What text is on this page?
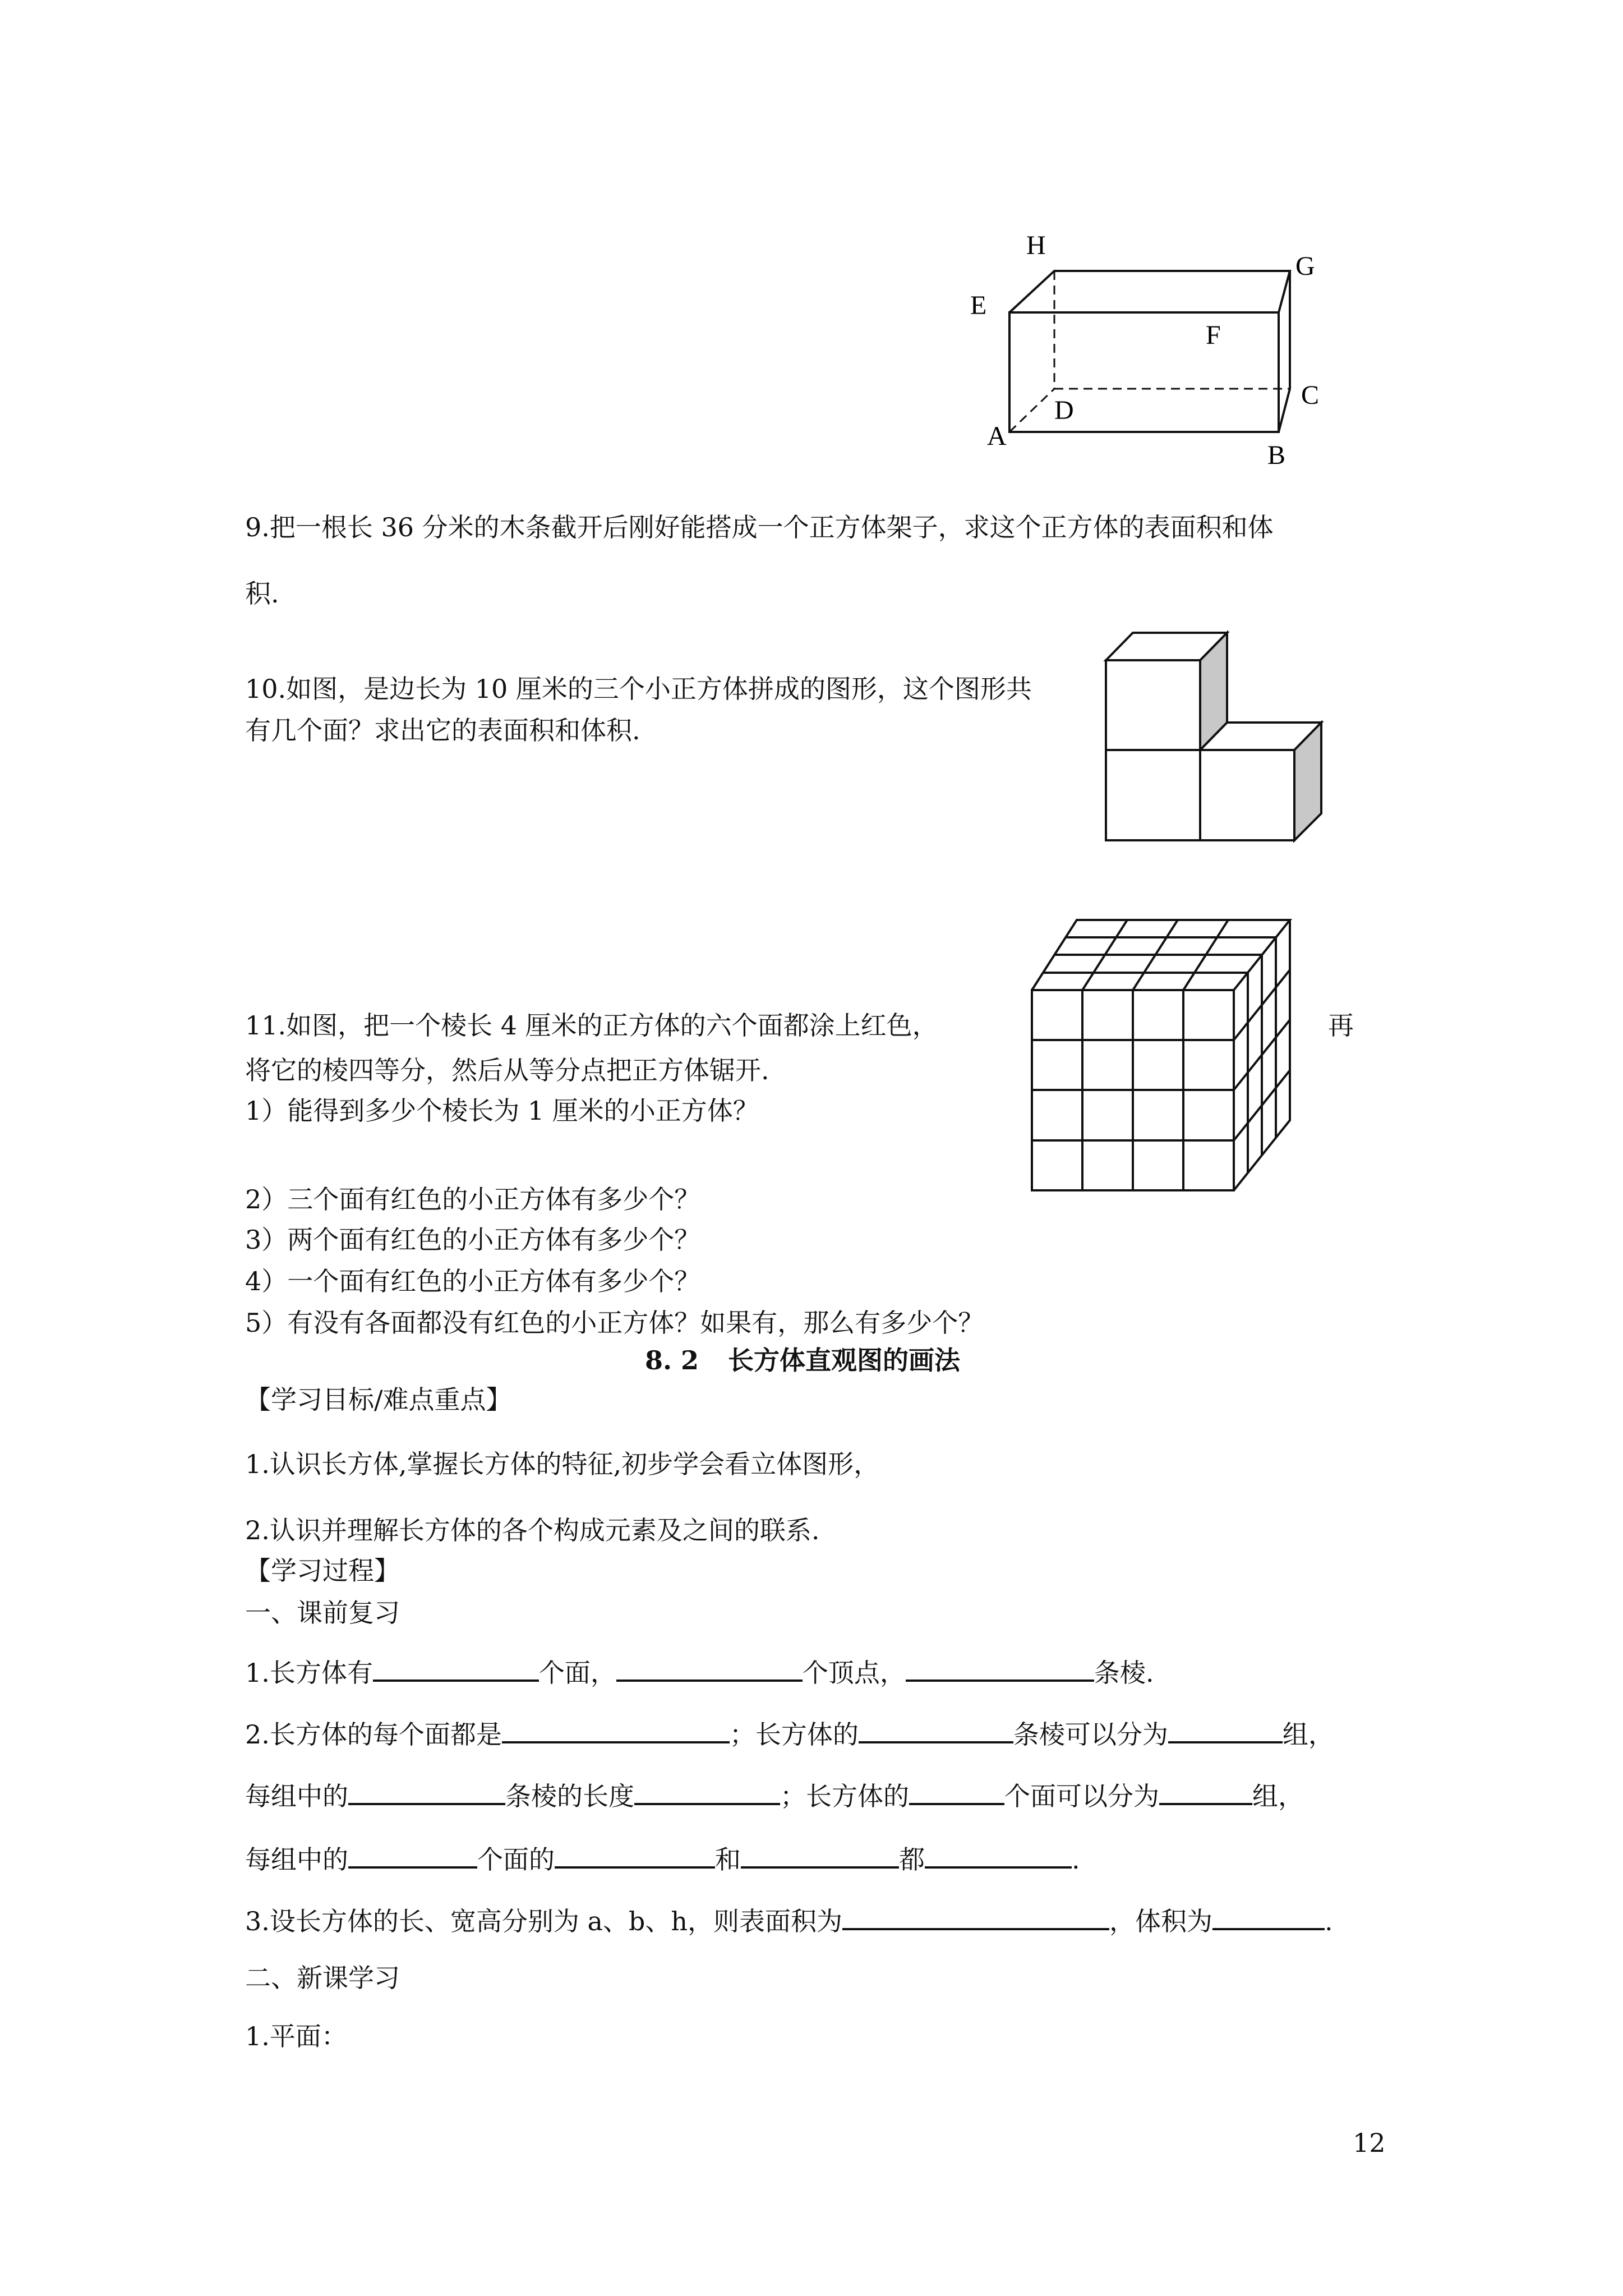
A
B
C
D
E
F
G
H
9.把一根长 36 分米的木条截开后刚好能搭成一个正方体架子，求这个正方体的表面积和体
积.
10.如图，是边长为 10 厘米的三个小正方体拼成的图形，这个图形共
有几个面？求出它的表面积和体积.
11.如图，把一个棱长 4 厘米的正方体的六个面都涂上红色，	再
将它的棱四等分，然后从等分点把正方体锯开.
1）能得到多少个棱长为 1 厘米的小正方体？
2）三个面有红色的小正方体有多少个？
3）两个面有红色的小正方体有多少个？
4）一个面有红色的小正方体有多少个？
5）有没有各面都没有红色的小正方体？如果有，那么有多少个？
8. 2 长方体直观图的画法
【学习目标/难点重点】
1.认识长方体,掌握长方体的特征,初步学会看立体图形，
2.认识并理解长方体的各个构成元素及之间的联系.
【学习过程】
一、课前复习
1.长方体有	个面，	个顶点，	条棱.
2.长方体的每个面都是	；长方体的	条棱可以分为	组，
每组中的	条棱的长度	；长方体的	个面可以分为	组，
每组中的	个面的	和	都	.
3.设长方体的长、宽高分别为 a、b、h，则表面积为	，体积为	.
二、新课学习
1.平面：
12
